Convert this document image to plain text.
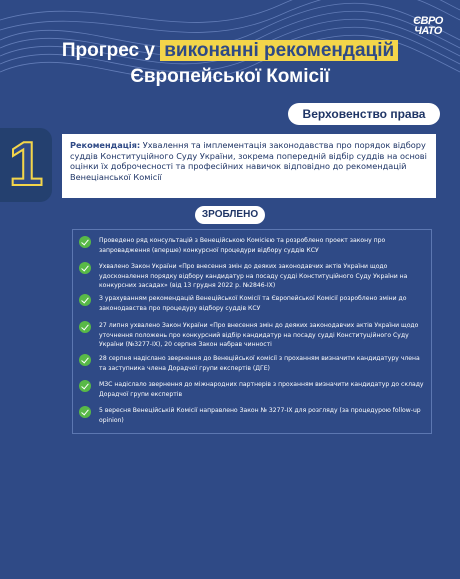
ЄВРО ЧАТО
Прогрес у виконанні рекомендацій
Європейської Комісії
Верховенство права
1	Рекомендація: Ухвалення та імплементація законодавства про порядок відбору суддів Конституційного Суду України, зокрема попередній відбір суддів на основі оцінки їх доброчесності та професійних навичок відповідно до рекомендацій Венеціанської Комісії
ЗРОБЛЕНО
Проведено ряд консультацій з Венеційською Комісією та розроблено проект закону про запровадження (вперше) конкурсної процедури відбору суддів КСУ
Ухвалено Закон України «Про внесення змін до деяких законодавчих актів України щодо удосконалення порядку відбору кандидатур на посаду судді Конституційного Суду України на конкурсних засадах» (від 13 грудня 2022 р. №2846-IX)
З урахуванням рекомендацій Венеційської Комісії та Європейської Комісії розроблено зміни до законодавства про процедуру відбору суддів КСУ
27 липня ухвалено Закон України «Про внесення змін до деяких законодавчих актів України щодо уточнення положень про конкурсний відбір кандидатур на посаду судді Конституційного Суду України (№3277-IX), 20 серпня Закон набрав чинності
28 серпня надіслано звернення до Венеційської комісії з проханням визначити кандидатуру члена та заступника члена Дорадчої групи експертів (ДГЕ)
МЗС надіслало звернення до міжнародних партнерів з проханням визначити кандидатур до складу Дорадчої групи експертів
5 вересня Венеційській Комісії направлено Закон № 3277-IX для розгляду (за процедурою follow-up opinion)
